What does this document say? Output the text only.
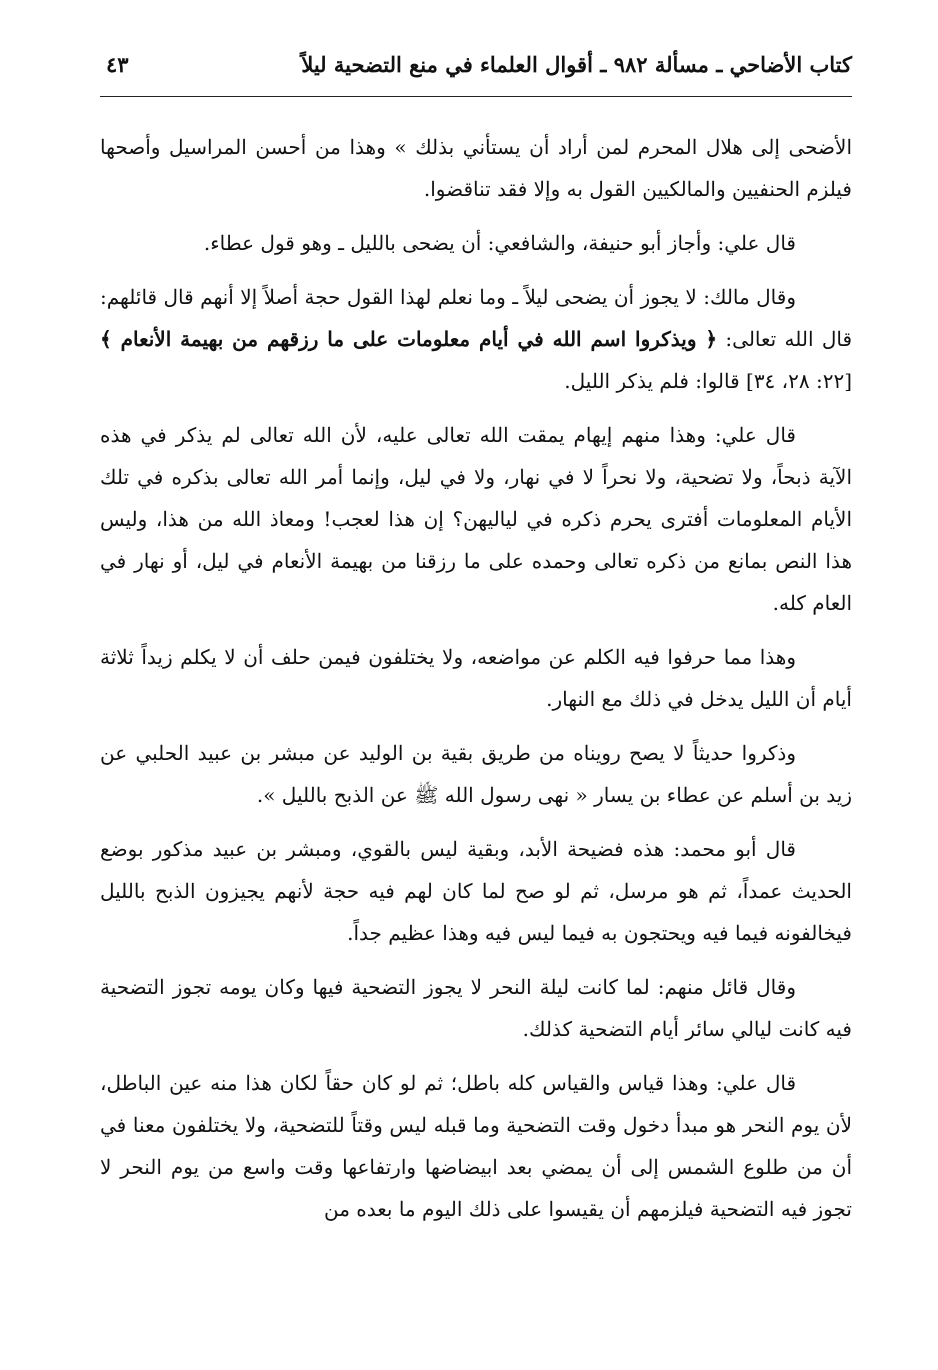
كتاب الأضاحي ـ مسألة ٩٨٢ ـ أقوال العلماء في منع التضحية ليلاً
٤٣

الأضحى إلى هلال المحرم لمن أراد أن يستأني بذلك » وهذا من أحسن المراسيل وأصحها فيلزم الحنفيين والمالكيين القول به وإلا فقد تناقضوا.

قال علي: وأجاز أبو حنيفة، والشافعي: أن يضحى بالليل ـ وهو قول عطاء.

وقال مالك: لا يجوز أن يضحى ليلاً ـ وما نعلم لهذا القول حجة أصلاً إلا أنهم قال قائلهم: قال الله تعالى: ﴿ ويذكروا اسم الله في أيام معلومات على ما رزقهم من بهيمة الأنعام ﴾ [٢٢: ٢٨، ٣٤] قالوا: فلم يذكر الليل.

قال علي: وهذا منهم إيهام يمقت الله تعالى عليه، لأن الله تعالى لم يذكر في هذه الآية ذبحاً، ولا تضحية، ولا نحراً لا في نهار، ولا في ليل، وإنما أمر الله تعالى بذكره في تلك الأيام المعلومات أفترى يحرم ذكره في لياليهن؟ إن هذا لعجب! ومعاذ الله من هذا، وليس هذا النص بمانع من ذكره تعالى وحمده على ما رزقنا من بهيمة الأنعام في ليل، أو نهار في العام كله.

وهذا مما حرفوا فيه الكلم عن مواضعه، ولا يختلفون فيمن حلف أن لا يكلم زيداً ثلاثة أيام أن الليل يدخل في ذلك مع النهار.

وذكروا حديثاً لا يصح رويناه من طريق بقية بن الوليد عن مبشر بن عبيد الحلبي عن زيد بن أسلم عن عطاء بن يسار « نهى رسول الله ﷺ عن الذبح بالليل ».

قال أبو محمد: هذه فضيحة الأبد، وبقية ليس بالقوي، ومبشر بن عبيد مذكور بوضع الحديث عمداً، ثم هو مرسل، ثم لو صح لما كان لهم فيه حجة لأنهم يجيزون الذبح بالليل فيخالفونه فيما فيه ويحتجون به فيما ليس فيه وهذا عظيم جداً.

وقال قائل منهم: لما كانت ليلة النحر لا يجوز التضحية فيها وكان يومه تجوز التضحية فيه كانت ليالي سائر أيام التضحية كذلك.

قال علي: وهذا قياس والقياس كله باطل؛ ثم لو كان حقاً لكان هذا منه عين الباطل، لأن يوم النحر هو مبدأ دخول وقت التضحية وما قبله ليس وقتاً للتضحية، ولا يختلفون معنا في أن من طلوع الشمس إلى أن يمضي بعد ابيضاضها وارتفاعها وقت واسع من يوم النحر لا تجوز فيه التضحية فيلزمهم أن يقيسوا على ذلك اليوم ما بعده من
